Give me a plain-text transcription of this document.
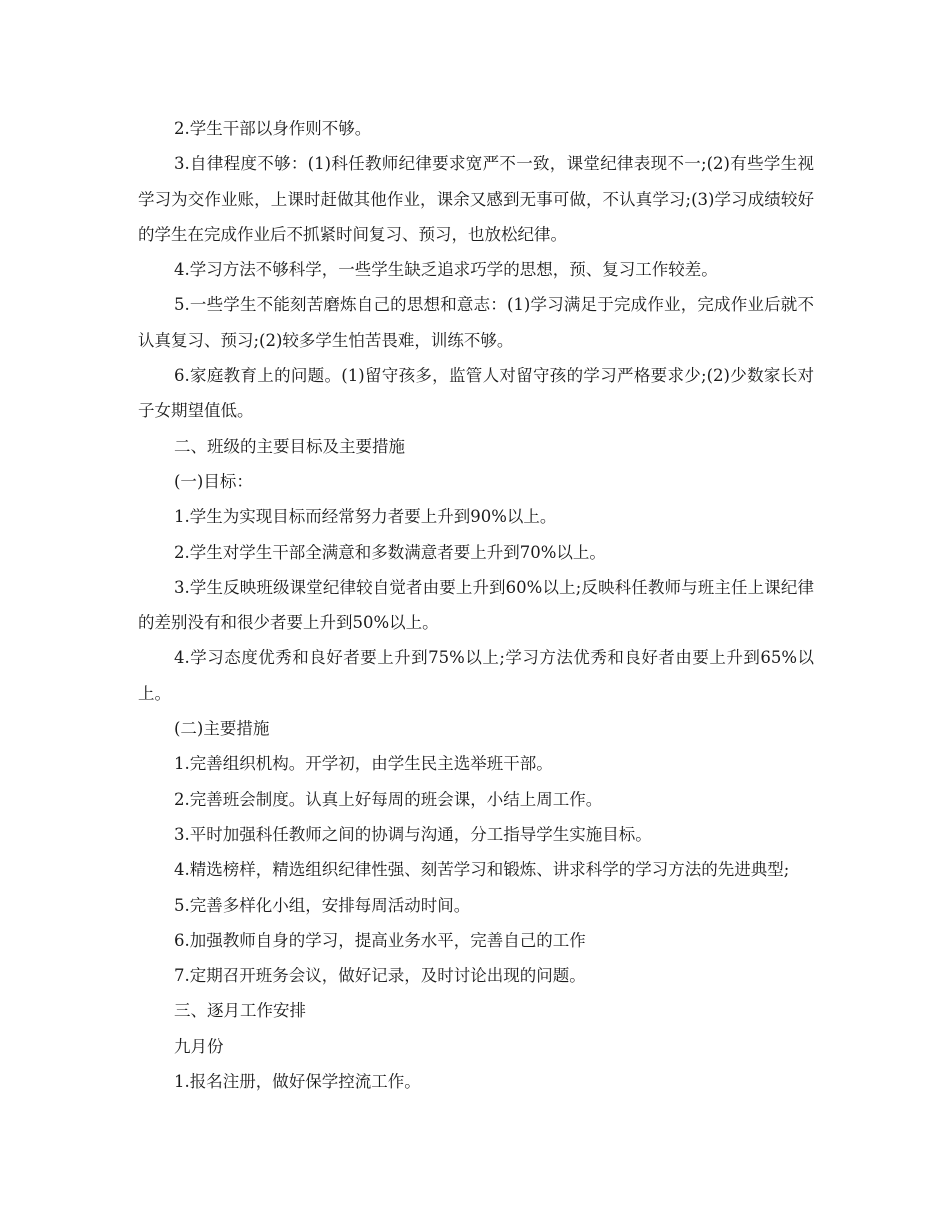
2.学生干部以身作则不够。

3.自律程度不够：(1)科任教师纪律要求宽严不一致，课堂纪律表现不一;(2)有些学生视学习为交作业账，上课时赶做其他作业，课余又感到无事可做，不认真学习;(3)学习成绩较好的学生在完成作业后不抓紧时间复习、预习，也放松纪律。

4.学习方法不够科学，一些学生缺乏追求巧学的思想，预、复习工作较差。

5.一些学生不能刻苦磨炼自己的思想和意志：(1)学习满足于完成作业，完成作业后就不认真复习、预习;(2)较多学生怕苦畏难，训练不够。

6.家庭教育上的问题。(1)留守孩多，监管人对留守孩的学习严格要求少;(2)少数家长对子女期望值低。

二、班级的主要目标及主要措施

(一)目标：

1.学生为实现目标而经常努力者要上升到90%以上。

2.学生对学生干部全满意和多数满意者要上升到70%以上。

3.学生反映班级课堂纪律较自觉者由要上升到60%以上;反映科任教师与班主任上课纪律的差别没有和很少者要上升到50%以上。

4.学习态度优秀和良好者要上升到75%以上;学习方法优秀和良好者由要上升到65%以上。

(二)主要措施

1.完善组织机构。开学初，由学生民主选举班干部。

2.完善班会制度。认真上好每周的班会课，小结上周工作。

3.平时加强科任教师之间的协调与沟通，分工指导学生实施目标。

4.精选榜样，精选组织纪律性强、刻苦学习和锻炼、讲求科学的学习方法的先进典型;

5.完善多样化小组，安排每周活动时间。

6.加强教师自身的学习，提高业务水平，完善自己的工作

7.定期召开班务会议，做好记录，及时讨论出现的问题。

三、逐月工作安排

九月份

1.报名注册，做好保学控流工作。
